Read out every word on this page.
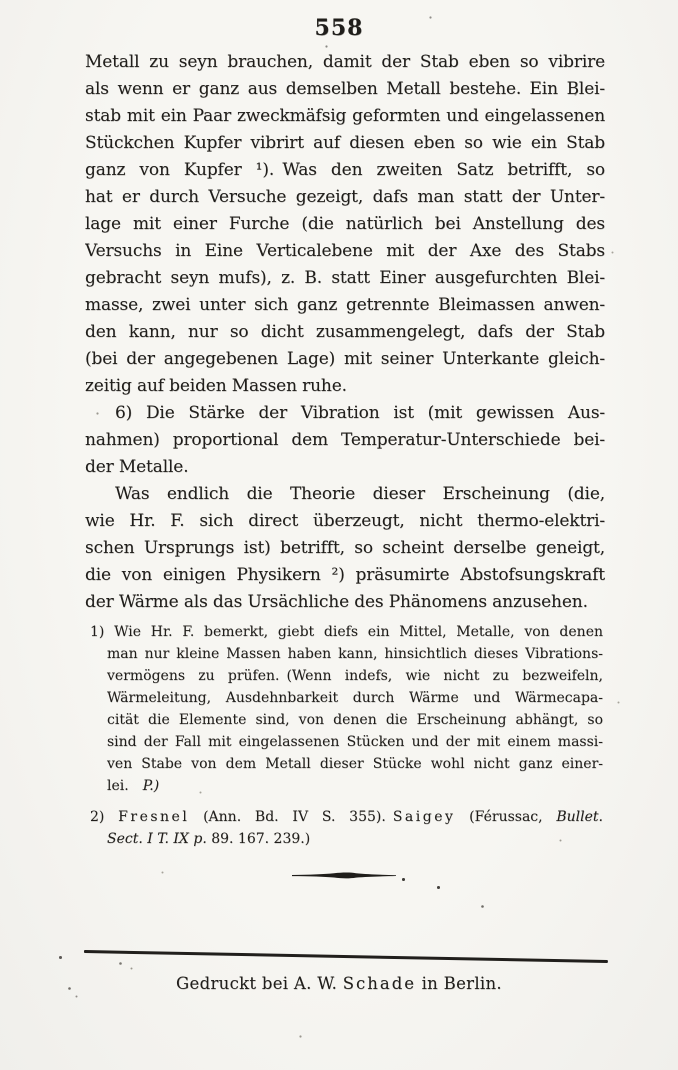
558
Metall zu seyn brauchen, damit der Stab eben so vibrire
als wenn er ganz aus demselben Metall bestehe. Ein Blei-
stab mit ein Paar zweckmäfsig geformten und eingelassenen
Stückchen Kupfer vibrirt auf diesen eben so wie ein Stab
ganz von Kupfer ¹). Was den zweiten Satz betrifft, so
hat er durch Versuche gezeigt, dafs man statt der Unter-
lage mit einer Furche (die natürlich bei Anstellung des
Versuchs in Eine Verticalebene mit der Axe des Stabs
gebracht seyn mufs), z. B. statt Einer ausgefurchten Blei-
masse, zwei unter sich ganz getrennte Bleimassen anwen-
den kann, nur so dicht zusammengelegt, dafs der Stab
(bei der angegebenen Lage) mit seiner Unterkante gleich-
zeitig auf beiden Massen ruhe.
6) Die Stärke der Vibration ist (mit gewissen Aus-
nahmen) proportional dem Temperatur-Unterschiede bei-
der Metalle.
Was endlich die Theorie dieser Erscheinung (die,
wie Hr. F. sich direct überzeugt, nicht thermo-elektri-
schen Ursprungs ist) betrifft, so scheint derselbe geneigt,
die von einigen Physikern ²) präsumirte Abstofsungskraft
der Wärme als das Ursächliche des Phänomens anzusehen.
1) Wie Hr. F. bemerkt, giebt diefs ein Mittel, Metalle, von denen
man nur kleine Massen haben kann, hinsichtlich dieses Vibrations-
vermögens zu prüfen. (Wenn indefs, wie nicht zu bezweifeln,
Wärmeleitung, Ausdehnbarkeit durch Wärme und Wärmecapa-
cität die Elemente sind, von denen die Erscheinung abhängt, so
sind der Fall mit eingelassenen Stücken und der mit einem massi-
ven Stabe von dem Metall dieser Stücke wohl nicht ganz einer-
lei. P.)
2) Fresnel (Ann. Bd. IV S. 355). Saigey (Férussac, Bullet.
Sect. I T. IX p. 89. 167. 239.)
Gedruckt bei A. W. Schade in Berlin.
